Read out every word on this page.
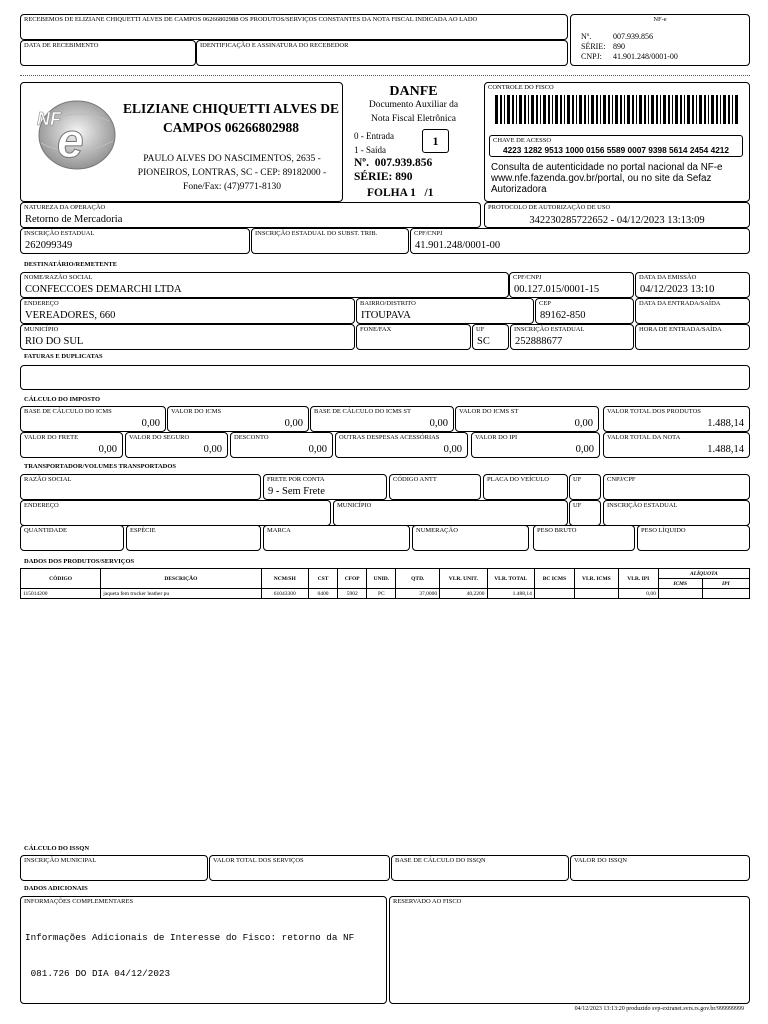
RECEBEMOS DE ELIZIANE CHIQUETTI ALVES DE CAMPOS 06266802988 OS PRODUTOS/SERVIÇOS CONSTANTES DA NOTA FISCAL INDICADA AO LADO
DATA DE RECEBIMENTO	IDENTIFICAÇÃO E ASSINATURA DO RECEBEDOR
NF-e
Nº.	007.939.856
SÉRIE: 890
CNPJ: 41.901.248/0001-00
NF
e
ELIZIANE CHIQUETTI ALVES DE CAMPOS 06266802988
PAULO ALVES DO NASCIMENTOS, 2635 -
PIONEIROS, LONTRAS, SC - CEP: 89182000 -
Fone/Fax: (47)9771-8130
DANFE
Documento Auxiliar da
Nota Fiscal Eletrônica
0 - Entrada
1 - Saída
1
Nº.  007.939.856
SÉRIE: 890
FOLHA 1   /1
CONTROLE DO FISCO
CHAVE DE ACESSO
4223 1282 9513 1000 0156 5589 0007 9398 5614 2454 4212
Consulta de autenticidade no portal nacional da NF-e www.nfe.fazenda.gov.br/portal, ou no site da Sefaz Autorizadora
NATUREZA DA OPERAÇÃO
Retorno de Mercadoria
PROTOCOLO DE AUTORIZAÇÃO DE USO
342230285722652 - 04/12/2023 13:13:09
INSCRIÇÃO ESTADUAL
262099349
INSCRIÇÃO ESTADUAL DO SUBST. TRIB.	CPF/CNPJ
41.901.248/0001-00
DESTINATÁRIO/REMETENTE
NOME/RAZÃO SOCIAL
CONFECCOES DEMARCHI LTDA
CPF/CNPJ
00.127.015/0001-15
DATA DA EMISSÃO
04/12/2023 13:10
ENDEREÇO
VEREADORES, 660
BAIRRO/DISTRITO
ITOUPAVA
CEP
89162-850
DATA DA ENTRADA/SAÍDA
MUNICÍPIO
RIO DO SUL
FONE/FAX	UF
SC
INSCRIÇÃO ESTADUAL
252888677
HORA DE ENTRADA/SAÍDA
FATURAS E DUPLICATAS
CÁLCULO DO IMPOSTO
BASE DE CÁLCULO DO ICMS
0,00
VALOR DO ICMS
0,00
BASE DE CÁLCULO DO ICMS ST
0,00
VALOR DO ICMS ST
0,00
VALOR TOTAL DOS PRODUTOS
1.488,14
VALOR DO FRETE
0,00
VALOR DO SEGURO
0,00
DESCONTO
0,00
OUTRAS DESPESAS ACESSÓRIAS
0,00
VALOR DO IPI
0,00
VALOR TOTAL DA NOTA
1.488,14
TRANSPORTADOR/VOLUMES TRANSPORTADOS
RAZÃO SOCIAL	FRETE POR CONTA
9 - Sem Frete
CÓDIGO ANTT	PLACA DO VEÍCULO	UF	CNPJ/CPF
ENDEREÇO	MUNICÍPIO	UF	INSCRIÇÃO ESTADUAL
QUANTIDADE	ESPÉCIE	MARCA	NUMERAÇÃO	PESO BRUTO	PESO LÍQUIDO
DADOS DOS PRODUTOS/SERVIÇOS
CÓDIGO	DESCRIÇÃO	NCM/SH	CST	CFOP	UNID.	QTD.	VLR. UNIT.	VLR. TOTAL	BC ICMS	VLR. ICMS	VLR. IPI	ALÍQUOTA	
												ICMS	IPI
115014200	jaqueta fem trucker leather pu	61043300	0400	5902	PC	37,0000	40,2200	1.488,14			0,00		
CÁLCULO DO ISSQN
INSCRIÇÃO MUNICIPAL	VALOR TOTAL DOS SERVIÇOS	BASE DE CÁLCULO DO ISSQN	VALOR DO ISSQN
DADOS ADICIONAIS
INFORMAÇÕES COMPLEMENTARES

Informações Adicionais de Interesse do Fisco: retorno da NF

081.726 DO DIA 04/12/2023

RESERVADO AO FISCO
04/12/2023 13:13:20 produzido svp-extranet.svrs.rs.gov.br/999999999
